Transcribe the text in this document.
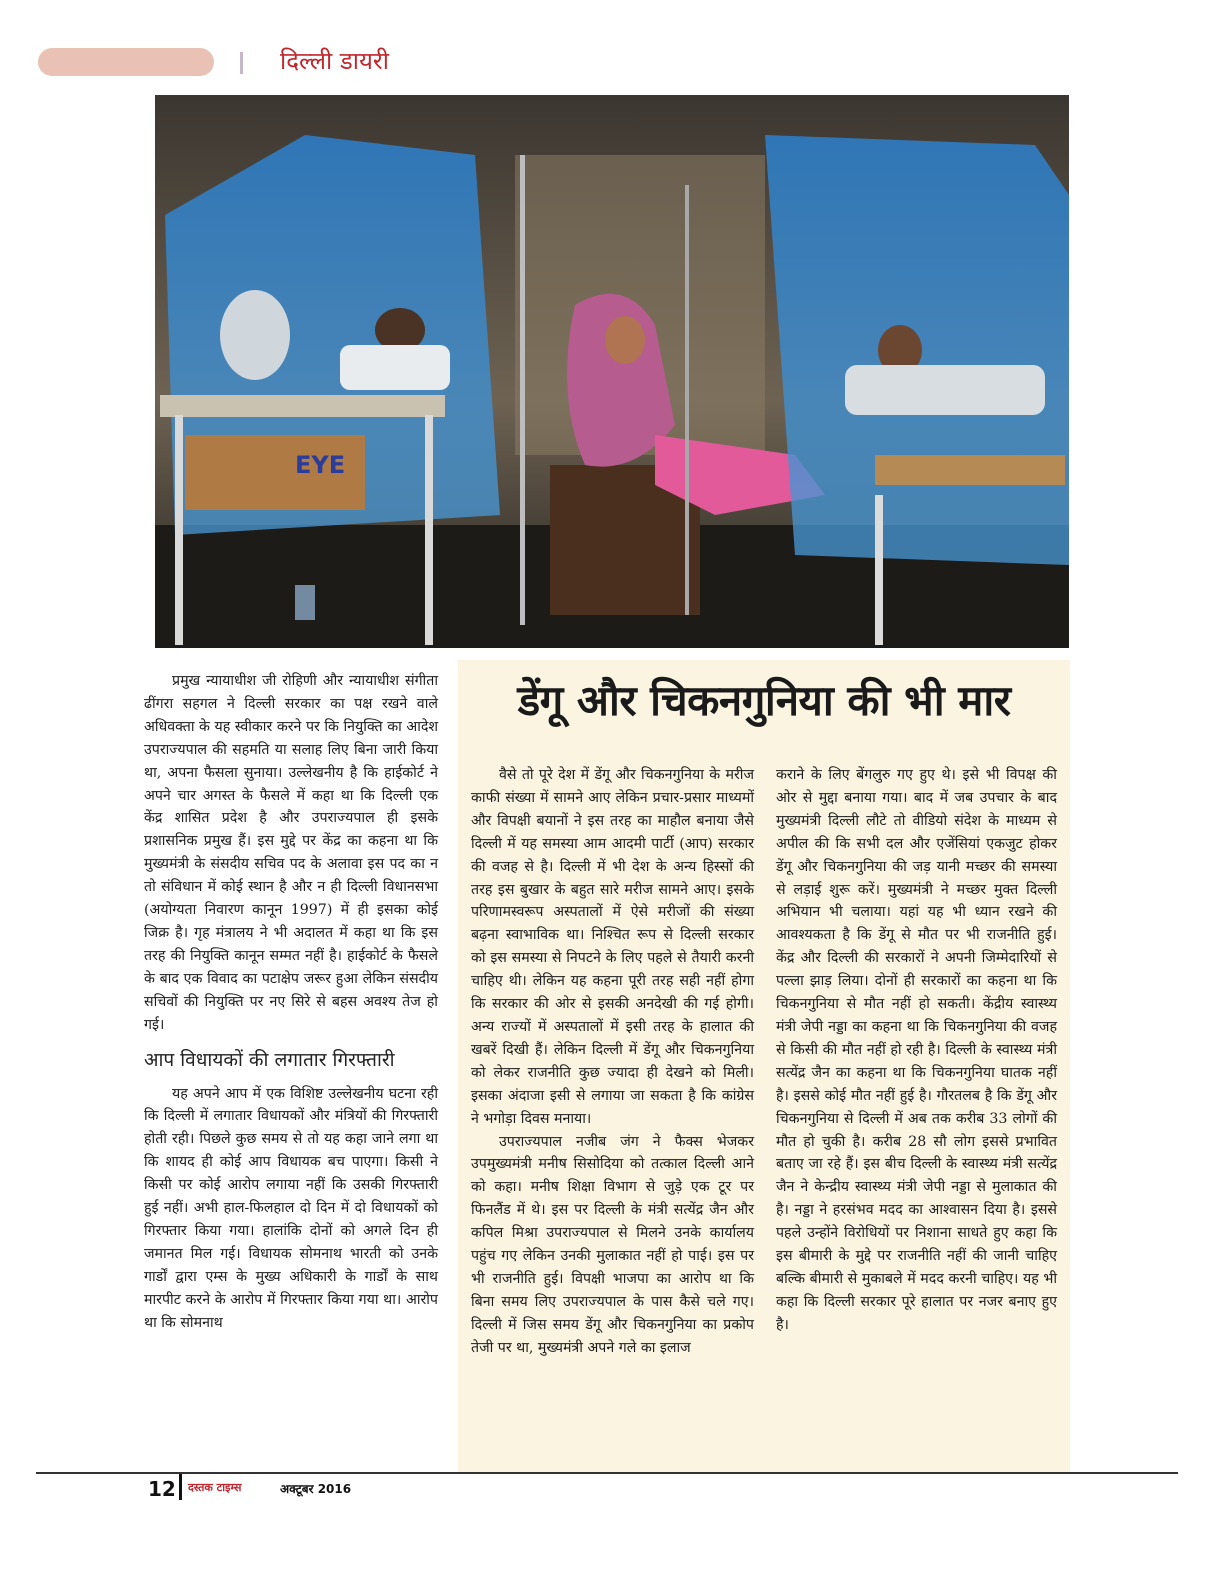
दिल्ली डायरी
EYE

प्रमुख न्यायाधीश जी रोहिणी और न्यायाधीश संगीता ढींगरा सहगल ने दिल्ली सरकार का पक्ष रखने वाले अधिवक्ता के यह स्वीकार करने पर कि नियुक्ति का आदेश उपराज्यपाल की सहमति या सलाह लिए बिना जारी किया था, अपना फैसला सुनाया। उल्लेखनीय है कि हाईकोर्ट ने अपने चार अगस्त के फैसले में कहा था कि दिल्ली एक केंद्र शासित प्रदेश है और उपराज्यपाल ही इसके प्रशासनिक प्रमुख हैं। इस मुद्दे पर केंद्र का कहना था कि मुख्यमंत्री के संसदीय सचिव पद के अलावा इस पद का न तो संविधान में कोई स्थान है और न ही दिल्ली विधानसभा (अयोग्यता निवारण कानून 1997) में ही इसका कोई जिक्र है। गृह मंत्रालय ने भी अदालत में कहा था कि इस तरह की नियुक्ति कानून सम्मत नहीं है। हाईकोर्ट के फैसले के बाद एक विवाद का पटाक्षेप जरूर हुआ लेकिन संसदीय सचिवों की नियुक्ति पर नए सिरे से बहस अवश्य तेज हो गई।

आप विधायकों की लगातार गिरफ्तारी

यह अपने आप में एक विशिष्ट उल्लेखनीय घटना रही कि दिल्ली में लगातार विधायकों और मंत्रियों की गिरफ्तारी होती रही। पिछले कुछ समय से तो यह कहा जाने लगा था कि शायद ही कोई आप विधायक बच पाएगा। किसी ने किसी पर कोई आरोप लगाया नहीं कि उसकी गिरफ्तारी हुई नहीं। अभी हाल-फिलहाल दो दिन में दो विधायकों को गिरफ्तार किया गया। हालांकि दोनों को अगले दिन ही जमानत मिल गई। विधायक सोमनाथ भारती को उनके गार्डों द्वारा एम्स के मुख्य अधिकारी के गार्डों के साथ मारपीट करने के आरोप में गिरफ्तार किया गया था। आरोप था कि सोमनाथ

डेंगू और चिकनगुनिया की भी मार

वैसे तो पूरे देश में डेंगू और चिकनगुनिया के मरीज काफी संख्या में सामने आए लेकिन प्रचार-प्रसार माध्यमों और विपक्षी बयानों ने इस तरह का माहौल बनाया जैसे दिल्ली में यह समस्या आम आदमी पार्टी (आप) सरकार की वजह से है। दिल्ली में भी देश के अन्य हिस्सों की तरह इस बुखार के बहुत सारे मरीज सामने आए। इसके परिणामस्वरूप अस्पतालों में ऐसे मरीजों की संख्या बढ़ना स्वाभाविक था। निश्चित रूप से दिल्ली सरकार को इस समस्या से निपटने के लिए पहले से तैयारी करनी चाहिए थी। लेकिन यह कहना पूरी तरह सही नहीं होगा कि सरकार की ओर से इसकी अनदेखी की गई होगी। अन्य राज्यों में अस्पतालों में इसी तरह के हालात की खबरें दिखी हैं। लेकिन दिल्ली में डेंगू और चिकनगुनिया को लेकर राजनीति कुछ ज्यादा ही देखने को मिली। इसका अंदाजा इसी से लगाया जा सकता है कि कांग्रेस ने भगोड़ा दिवस मनाया।

उपराज्यपाल नजीब जंग ने फैक्स भेजकर उपमुख्यमंत्री मनीष सिसोदिया को तत्काल दिल्ली आने को कहा। मनीष शिक्षा विभाग से जुड़े एक टूर पर फिनलैंड में थे। इस पर दिल्ली के मंत्री सत्येंद्र जैन और कपिल मिश्रा उपराज्यपाल से मिलने उनके कार्यालय पहुंच गए लेकिन उनकी मुलाकात नहीं हो पाई। इस पर भी राजनीति हुई। विपक्षी भाजपा का आरोप था कि बिना समय लिए उपराज्यपाल के पास कैसे चले गए। दिल्ली में जिस समय डेंगू और चिकनगुनिया का प्रकोप तेजी पर था, मुख्यमंत्री अपने गले का इलाज

कराने के लिए बेंगलुरु गए हुए थे। इसे भी विपक्ष की ओर से मुद्दा बनाया गया। बाद में जब उपचार के बाद मुख्यमंत्री दिल्ली लौटे तो वीडियो संदेश के माध्यम से अपील की कि सभी दल और एजेंसियां एकजुट होकर डेंगू और चिकनगुनिया की जड़ यानी मच्छर की समस्या से लड़ाई शुरू करें। मुख्यमंत्री ने मच्छर मुक्त दिल्ली अभियान भी चलाया। यहां यह भी ध्यान रखने की आवश्यकता है कि डेंगू से मौत पर भी राजनीति हुई। केंद्र और दिल्ली की सरकारों ने अपनी जिम्मेदारियों से पल्ला झाड़ लिया। दोनों ही सरकारों का कहना था कि चिकनगुनिया से मौत नहीं हो सकती। केंद्रीय स्वास्थ्य मंत्री जेपी नड्डा का कहना था कि चिकनगुनिया की वजह से किसी की मौत नहीं हो रही है। दिल्ली के स्वास्थ्य मंत्री सत्येंद्र जैन का कहना था कि चिकनगुनिया घातक नहीं है। इससे कोई मौत नहीं हुई है। गौरतलब है कि डेंगू और चिकनगुनिया से दिल्ली में अब तक करीब 33 लोगों की मौत हो चुकी है। करीब 28 सौ लोग इससे प्रभावित बताए जा रहे हैं। इस बीच दिल्ली के स्वास्थ्य मंत्री सत्येंद्र जैन ने केन्द्रीय स्वास्थ्य मंत्री जेपी नड्डा से मुलाकात की है। नड्डा ने हरसंभव मदद का आश्वासन दिया है। इससे पहले उन्होंने विरोधियों पर निशाना साधते हुए कहा कि इस बीमारी के मुद्दे पर राजनीति नहीं की जानी चाहिए बल्कि बीमारी से मुकाबले में मदद करनी चाहिए। यह भी कहा कि दिल्ली सरकार पूरे हालात पर नजर बनाए हुए है।

12 दस्तक टाइम्स	अक्टूबर 2016
